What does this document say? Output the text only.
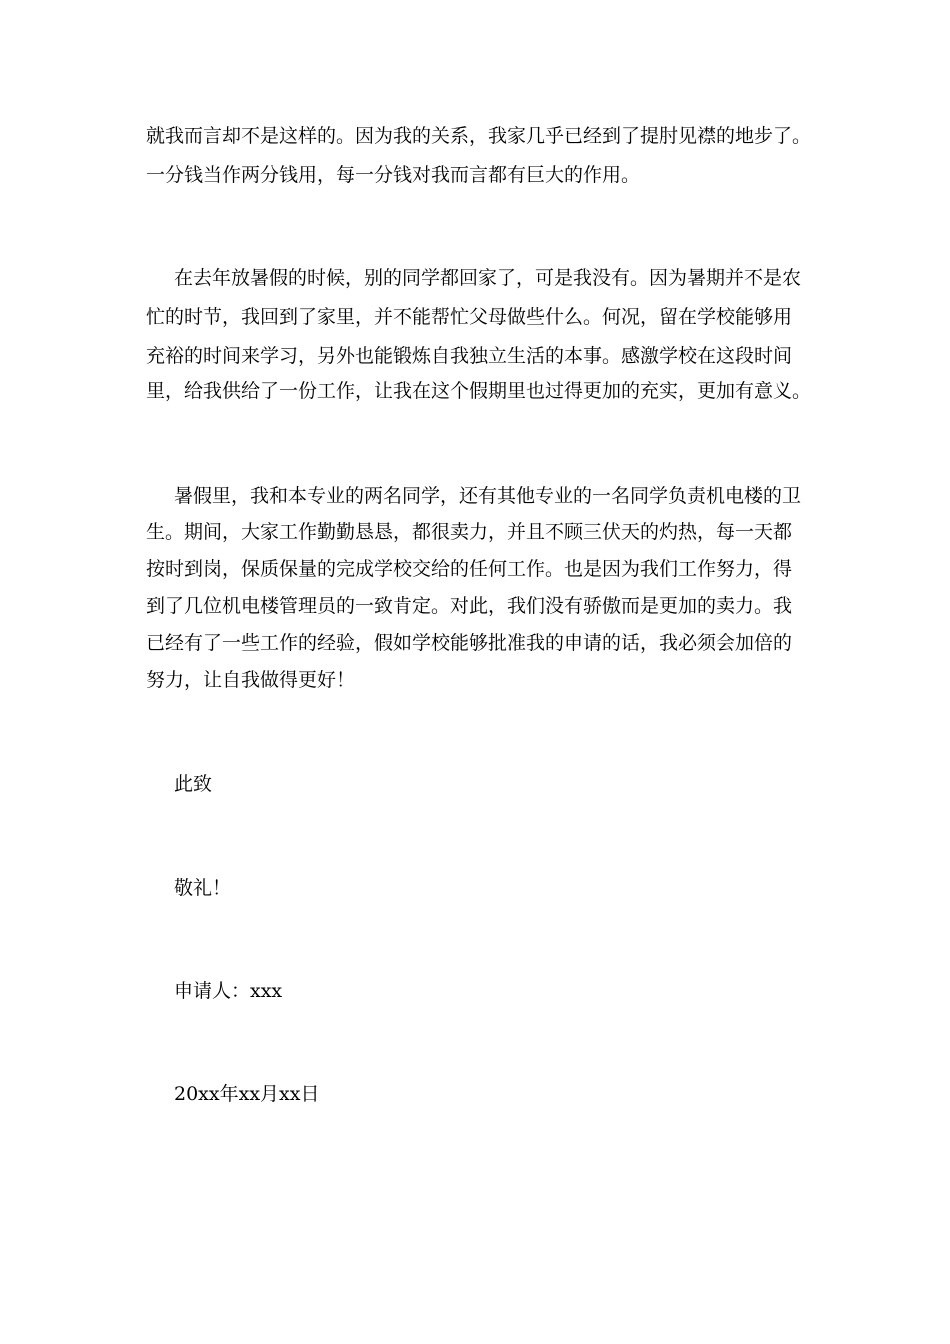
就我而言却不是这样的。因为我的关系，我家几乎已经到了提肘见襟的地步了。
一分钱当作两分钱用，每一分钱对我而言都有巨大的作用。
在去年放暑假的时候，别的同学都回家了，可是我没有。因为暑期并不是农
忙的时节，我回到了家里，并不能帮忙父母做些什么。何况，留在学校能够用
充裕的时间来学习，另外也能锻炼自我独立生活的本事。感激学校在这段时间
里，给我供给了一份工作，让我在这个假期里也过得更加的充实，更加有意义。
暑假里，我和本专业的两名同学，还有其他专业的一名同学负责机电楼的卫
生。期间，大家工作勤勤恳恳，都很卖力，并且不顾三伏天的灼热，每一天都
按时到岗，保质保量的完成学校交给的任何工作。也是因为我们工作努力，得
到了几位机电楼管理员的一致肯定。对此，我们没有骄傲而是更加的卖力。我
已经有了一些工作的经验，假如学校能够批准我的申请的话，我必须会加倍的
努力，让自我做得更好！
此致
敬礼！
申请人：xxx
20xx年xx月xx日
